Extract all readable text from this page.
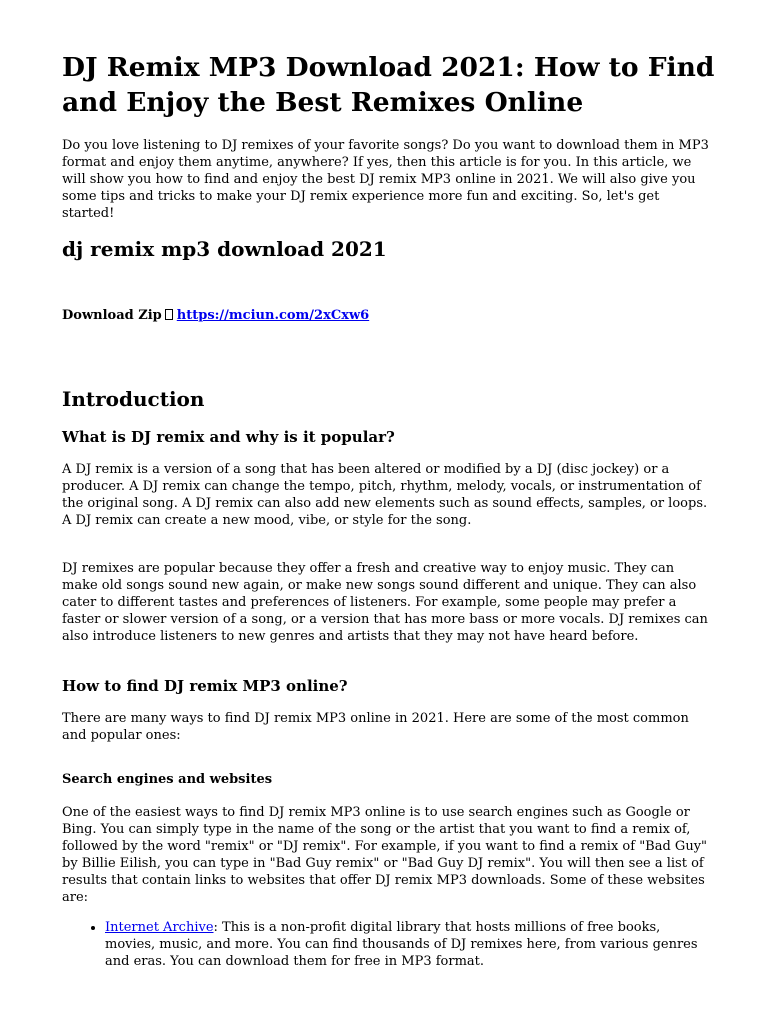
DJ Remix MP3 Download 2021: How to Find and Enjoy the Best Remixes Online

Do you love listening to DJ remixes of your favorite songs? Do you want to download them in MP3 format and enjoy them anytime, anywhere? If yes, then this article is for you. In this article, we will show you how to find and enjoy the best DJ remix MP3 online in 2021. We will also give you some tips and tricks to make your DJ remix experience more fun and exciting. So, let's get started!

dj remix mp3 download 2021

Download Zip https://mciun.com/2xCxw6

Introduction
What is DJ remix and why is it popular?

A DJ remix is a version of a song that has been altered or modified by a DJ (disc jockey) or a producer. A DJ remix can change the tempo, pitch, rhythm, melody, vocals, or instrumentation of the original song. A DJ remix can also add new elements such as sound effects, samples, or loops. A DJ remix can create a new mood, vibe, or style for the song.

DJ remixes are popular because they offer a fresh and creative way to enjoy music. They can make old songs sound new again, or make new songs sound different and unique. They can also cater to different tastes and preferences of listeners. For example, some people may prefer a faster or slower version of a song, or a version that has more bass or more vocals. DJ remixes can also introduce listeners to new genres and artists that they may not have heard before.

How to find DJ remix MP3 online?

There are many ways to find DJ remix MP3 online in 2021. Here are some of the most common and popular ones:

Search engines and websites

One of the easiest ways to find DJ remix MP3 online is to use search engines such as Google or Bing. You can simply type in the name of the song or the artist that you want to find a remix of, followed by the word "remix" or "DJ remix". For example, if you want to find a remix of "Bad Guy" by Billie Eilish, you can type in "Bad Guy remix" or "Bad Guy DJ remix". You will then see a list of results that contain links to websites that offer DJ remix MP3 downloads. Some of these websites are:

• Internet Archive: This is a non-profit digital library that hosts millions of free books, movies, music, and more. You can find thousands of DJ remixes here, from various genres and eras. You can download them for free in MP3 format.
